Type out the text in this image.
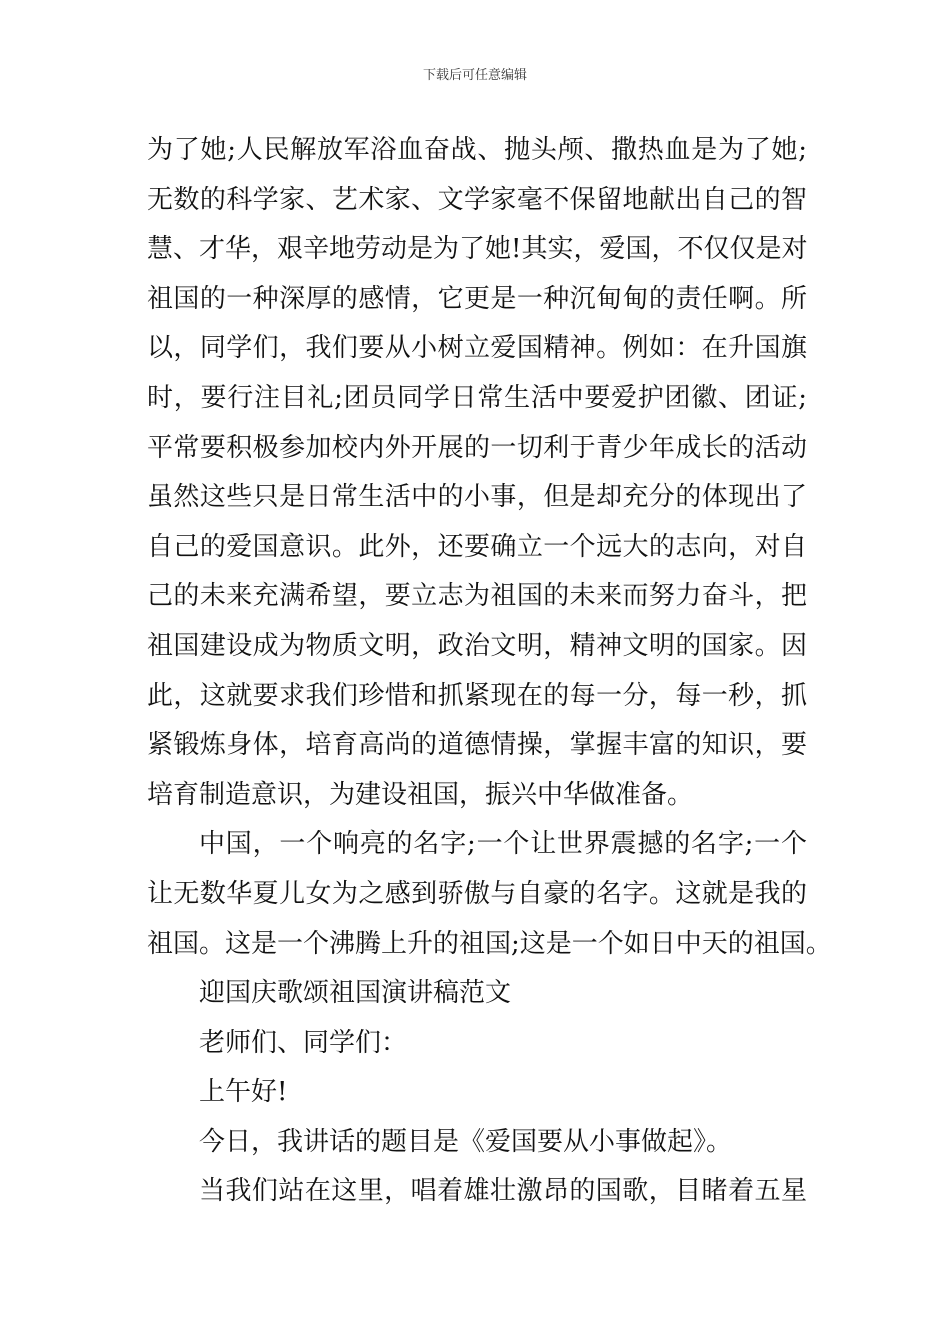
下载后可任意编辑
为了她;人民解放军浴血奋战、抛头颅、撒热血是为了她;
无数的科学家、艺术家、文学家毫不保留地献出自己的智
慧、才华，艰辛地劳动是为了她!其实，爱国，不仅仅是对
祖国的一种深厚的感情，它更是一种沉甸甸的责任啊。所
以，同学们，我们要从小树立爱国精神。例如：在升国旗
时，要行注目礼;团员同学日常生活中要爱护团徽、团证;
平常要积极参加校内外开展的一切利于青少年成长的活动
虽然这些只是日常生活中的小事，但是却充分的体现出了
自己的爱国意识。此外，还要确立一个远大的志向，对自
己的未来充满希望，要立志为祖国的未来而努力奋斗，把
祖国建设成为物质文明，政治文明，精神文明的国家。因
此，这就要求我们珍惜和抓紧现在的每一分，每一秒，抓
紧锻炼身体，培育高尚的道德情操，掌握丰富的知识，要
培育制造意识，为建设祖国，振兴中华做准备。
中国，一个响亮的名字;一个让世界震撼的名字;一个
让无数华夏儿女为之感到骄傲与自豪的名字。这就是我的
祖国。这是一个沸腾上升的祖国;这是一个如日中天的祖国。
迎国庆歌颂祖国演讲稿范文
老师们、同学们：
上午好!
今日，我讲话的题目是《爱国要从小事做起》。
当我们站在这里，唱着雄壮激昂的国歌，目睹着五星
